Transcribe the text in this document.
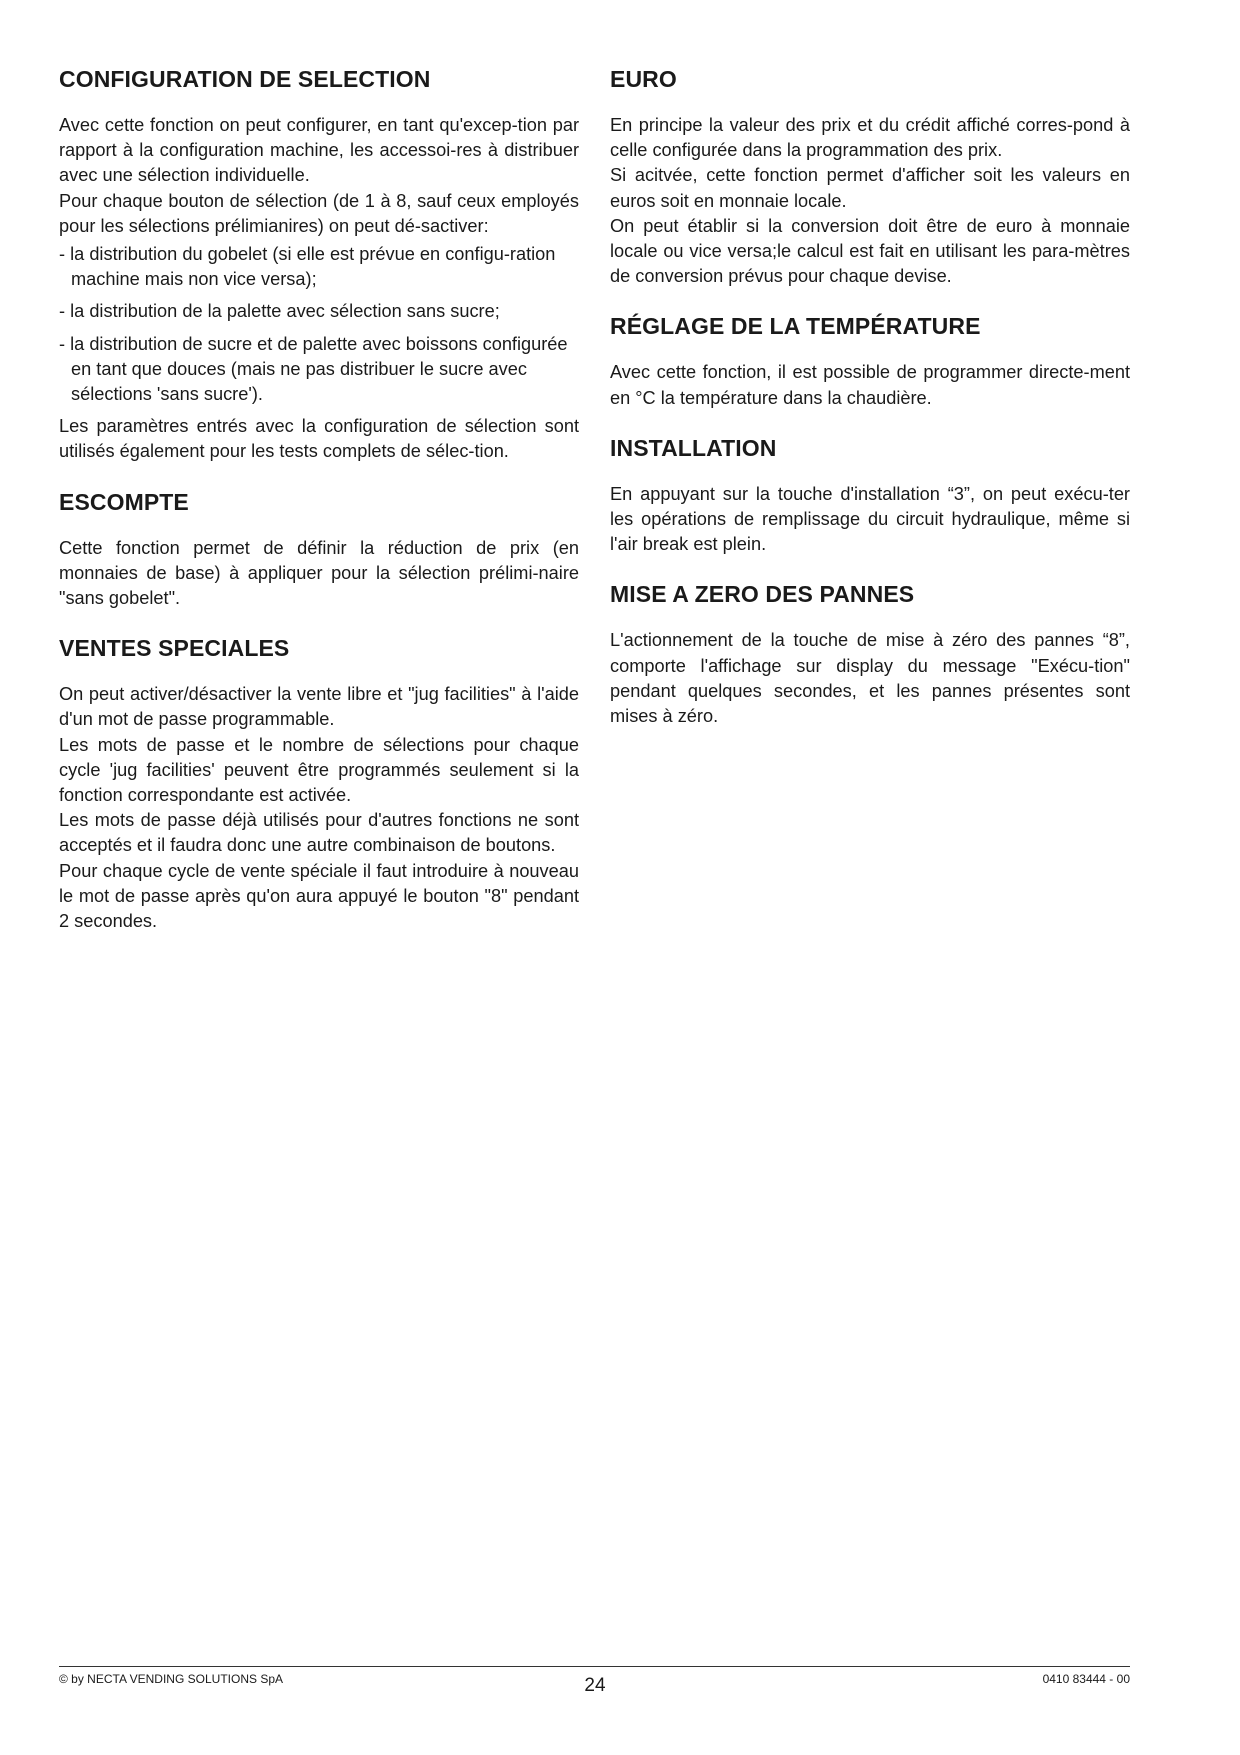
CONFIGURATION DE SELECTION

Avec cette fonction on peut configurer, en tant qu'excep-tion par rapport à la configuration machine, les accessoi-res à distribuer avec une sélection individuelle.

Pour chaque bouton de sélection (de 1 à 8, sauf ceux employés pour les sélections prélimianires) on peut dé-sactiver:

- la distribution du gobelet (si elle est prévue en configu-ration machine mais non vice versa);
- la distribution de la palette avec sélection sans sucre;
- la distribution de sucre et de palette avec boissons configurée en tant que douces (mais ne pas distribuer le sucre avec sélections 'sans sucre').

Les paramètres entrés avec la configuration de sélection sont utilisés également pour les tests complets de sélec-tion.

ESCOMPTE

Cette fonction permet de définir la réduction de prix (en monnaies de base) à appliquer pour la sélection prélimi-naire "sans gobelet".

VENTES SPECIALES

On peut activer/désactiver la vente libre et "jug facilities" à l'aide d'un mot de passe programmable.

Les mots de passe et le nombre de sélections pour chaque cycle 'jug facilities' peuvent être programmés seulement si la fonction correspondante est activée.

Les mots de passe déjà utilisés pour d'autres fonctions ne sont acceptés et il faudra donc une autre combinaison de boutons.

Pour chaque cycle de vente spéciale il faut introduire à nouveau le mot de passe après qu'on aura appuyé le bouton "8" pendant 2 secondes.

EURO

En principe la valeur des prix et du crédit affiché corres-pond à celle configurée dans la programmation des prix.

Si acitvée, cette fonction permet d'afficher soit les valeurs en euros soit en monnaie locale.

On peut établir si la conversion doit être de euro à monnaie locale ou vice versa;le calcul est fait en utilisant les para-mètres de conversion prévus pour chaque devise.

RÉGLAGE DE LA TEMPÉRATURE

Avec cette fonction, il est possible de programmer directe-ment en °C la température dans la chaudière.

INSTALLATION

En appuyant sur la touche d'installation “3”, on peut exécu-ter les opérations de remplissage du circuit hydraulique, même si l'air break est plein.

MISE A ZERO DES PANNES

L'actionnement de la touche de mise à zéro des pannes “8”, comporte l'affichage sur display du message "Exécu-tion" pendant quelques secondes, et les pannes présentes sont mises à zéro.

© by NECTA VENDING SOLUTIONS SpA	24	0410 83444 - 00
